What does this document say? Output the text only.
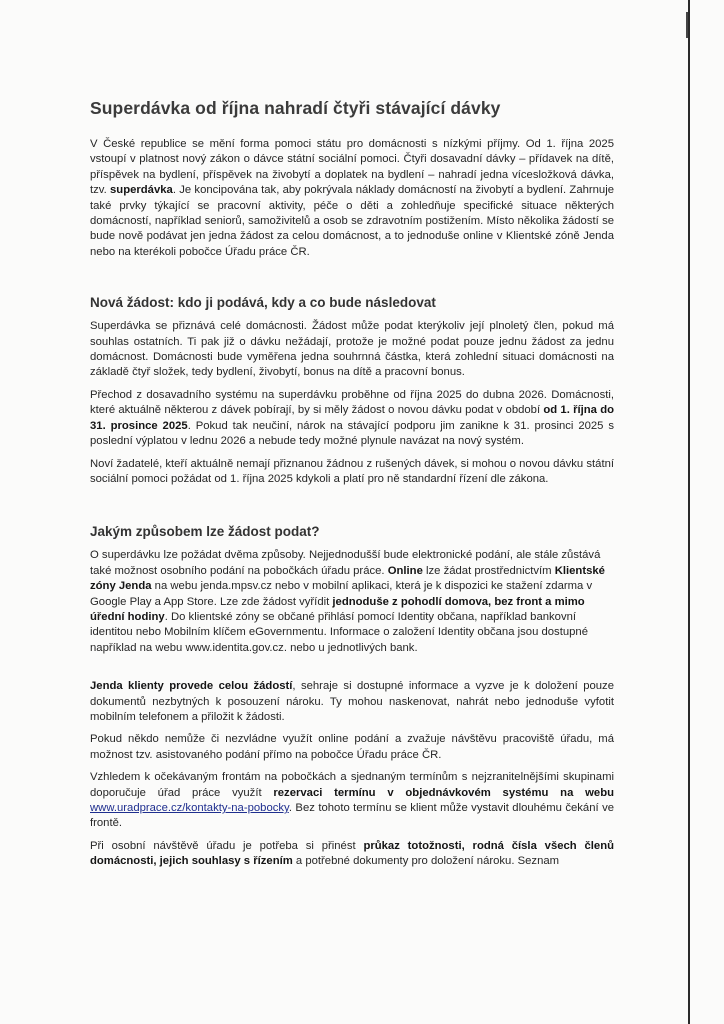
Superdávka od října nahradí čtyři stávající dávky

V České republice se mění forma pomoci státu pro domácnosti s nízkými příjmy. Od 1. října 2025 vstoupí v platnost nový zákon o dávce státní sociální pomoci. Čtyři dosavadní dávky – přídavek na dítě, příspěvek na bydlení, příspěvek na živobytí a doplatek na bydlení – nahradí jedna vícesložková dávka, tzv. superdávka. Je koncipována tak, aby pokrývala náklady domácností na živobytí a bydlení. Zahrnuje také prvky týkající se pracovní aktivity, péče o děti a zohledňuje specifické situace některých domácností, například seniorů, samoživitelů a osob se zdravotním postižením. Místo několika žádostí se bude nově podávat jen jedna žádost za celou domácnost, a to jednoduše online v Klientské zóně Jenda nebo na kterékoli pobočce Úřadu práce ČR.

Nová žádost: kdo ji podává, kdy a co bude následovat

Superdávka se přiznává celé domácnosti. Žádost může podat kterýkoliv její plnoletý člen, pokud má souhlas ostatních. Ti pak již o dávku nežádají, protože je možné podat pouze jednu žádost za jednu domácnost. Domácnosti bude vyměřena jedna souhrnná částka, která zohlední situaci domácnosti na základě čtyř složek, tedy bydlení, živobytí, bonus na dítě a pracovní bonus.

Přechod z dosavadního systému na superdávku proběhne od října 2025 do dubna 2026. Domácnosti, které aktuálně některou z dávek pobírají, by si měly žádost o novou dávku podat v období od 1. října do 31. prosince 2025. Pokud tak neučiní, nárok na stávající podporu jim zanikne k 31. prosinci 2025 s poslední výplatou v lednu 2026 a nebude tedy možné plynule navázat na nový systém.

Noví žadatelé, kteří aktuálně nemají přiznanou žádnou z rušených dávek, si mohou o novou dávku státní sociální pomoci požádat od 1. října 2025 kdykoli a platí pro ně standardní řízení dle zákona.

Jakým způsobem lze žádost podat?

O superdávku lze požádat dvěma způsoby. Nejjednodušší bude elektronické podání, ale stále zůstává také možnost osobního podání na pobočkách úřadu práce. Online lze žádat prostřednictvím Klientské zóny Jenda na webu jenda.mpsv.cz nebo v mobilní aplikaci, která je k dispozici ke stažení zdarma v Google Play a App Store. Lze zde žádost vyřídit jednoduše z pohodlí domova, bez front a mimo úřední hodiny. Do klientské zóny se občané přihlásí pomocí Identity občana, například bankovní identitou nebo Mobilním klíčem eGovernmentu. Informace o založení Identity občana jsou dostupné například na webu www.identita.gov.cz. nebo u jednotlivých bank.

Jenda klienty provede celou žádostí, sehraje si dostupné informace a vyzve je k doložení pouze dokumentů nezbytných k posouzení nároku. Ty mohou naskenovat, nahrát nebo jednoduše vyfotit mobilním telefonem a přiložit k žádosti.

Pokud někdo nemůže či nezvládne využít online podání a zvažuje návštěvu pracoviště úřadu, má možnost tzv. asistovaného podání přímo na pobočce Úřadu práce ČR.

Vzhledem k očekávaným frontám na pobočkách a sjednaným termínům s nejzranitelnějšími skupinami doporučuje úřad práce využít rezervaci termínu v objednávkovém systému na webu www.uradprace.cz/kontakty-na-pobocky. Bez tohoto termínu se klient může vystavit dlouhému čekání ve frontě.

Při osobní návštěvě úřadu je potřeba si přinést průkaz totožnosti, rodná čísla všech členů domácnosti, jejich souhlasy s řízením a potřebné dokumenty pro doložení nároku. Seznam
